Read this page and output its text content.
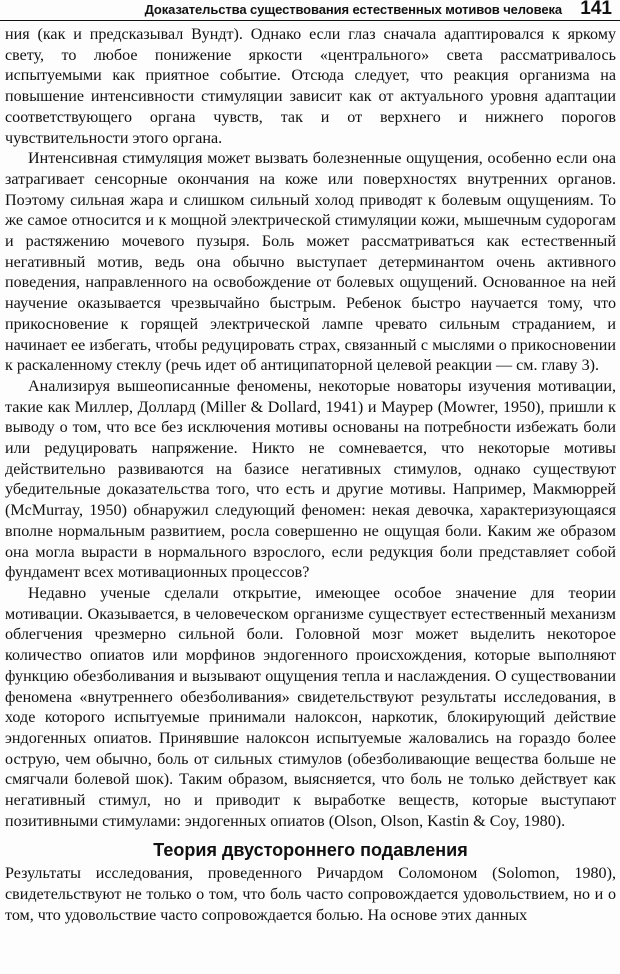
Доказательства существования естественных мотивов человека 141

ния (как и предсказывал Вундт). Однако если глаз сначала адаптировался к яркому свету, то любое понижение яркости «центрального» света рассматривалось испытуемыми как приятное событие. Отсюда следует, что реакция организма на повышение интенсивности стимуляции зависит как от актуального уровня адаптации соответствующего органа чувств, так и от верхнего и нижнего порогов чувствительности этого органа.

Интенсивная стимуляция может вызвать болезненные ощущения, особенно если она затрагивает сенсорные окончания на коже или поверхностях внутренних органов. Поэтому сильная жара и слишком сильный холод приводят к болевым ощущениям. То же самое относится и к мощной электрической стимуляции кожи, мышечным судорогам и растяжению мочевого пузыря. Боль может рассматриваться как естественный негативный мотив, ведь она обычно выступает детерминантом очень активного поведения, направленного на освобождение от болевых ощущений. Основанное на ней научение оказывается чрезвычайно быстрым. Ребенок быстро научается тому, что прикосновение к горящей электрической лампе чревато сильным страданием, и начинает ее избегать, чтобы редуцировать страх, связанный с мыслями о прикосновении к раскаленному стеклу (речь идет об антиципаторной целевой реакции — см. главу 3).

Анализируя вышеописанные феномены, некоторые новаторы изучения мотивации, такие как Миллер, Доллард (Miller & Dollard, 1941) и Маурер (Mowrer, 1950), пришли к выводу о том, что все без исключения мотивы основаны на потребности избежать боли или редуцировать напряжение. Никто не сомневается, что некоторые мотивы действительно развиваются на базисе негативных стимулов, однако существуют убедительные доказательства того, что есть и другие мотивы. Например, Макмюррей (McMurray, 1950) обнаружил следующий феномен: некая девочка, характеризующаяся вполне нормальным развитием, росла совершенно не ощущая боли. Каким же образом она могла вырасти в нормального взрослого, если редукция боли представляет собой фундамент всех мотивационных процессов?

Недавно ученые сделали открытие, имеющее особое значение для теории мотивации. Оказывается, в человеческом организме существует естественный механизм облегчения чрезмерно сильной боли. Головной мозг может выделить некоторое количество опиатов или морфинов эндогенного происхождения, которые выполняют функцию обезболивания и вызывают ощущения тепла и наслаждения. О существовании феномена «внутреннего обезболивания» свидетельствуют результаты исследования, в ходе которого испытуемые принимали налоксон, наркотик, блокирующий действие эндогенных опиатов. Принявшие налоксон испытуемые жаловались на гораздо более острую, чем обычно, боль от сильных стимулов (обезболивающие вещества больше не смягчали болевой шок). Таким образом, выясняется, что боль не только действует как негативный стимул, но и приводит к выработке веществ, которые выступают позитивными стимулами: эндогенных опиатов (Olson, Olson, Kastin & Coy, 1980).

Теория двустороннего подавления

Результаты исследования, проведенного Ричардом Соломоном (Solomon, 1980), свидетельствуют не только о том, что боль часто сопровождается удовольствием, но и о том, что удовольствие часто сопровождается болью. На основе этих данных
